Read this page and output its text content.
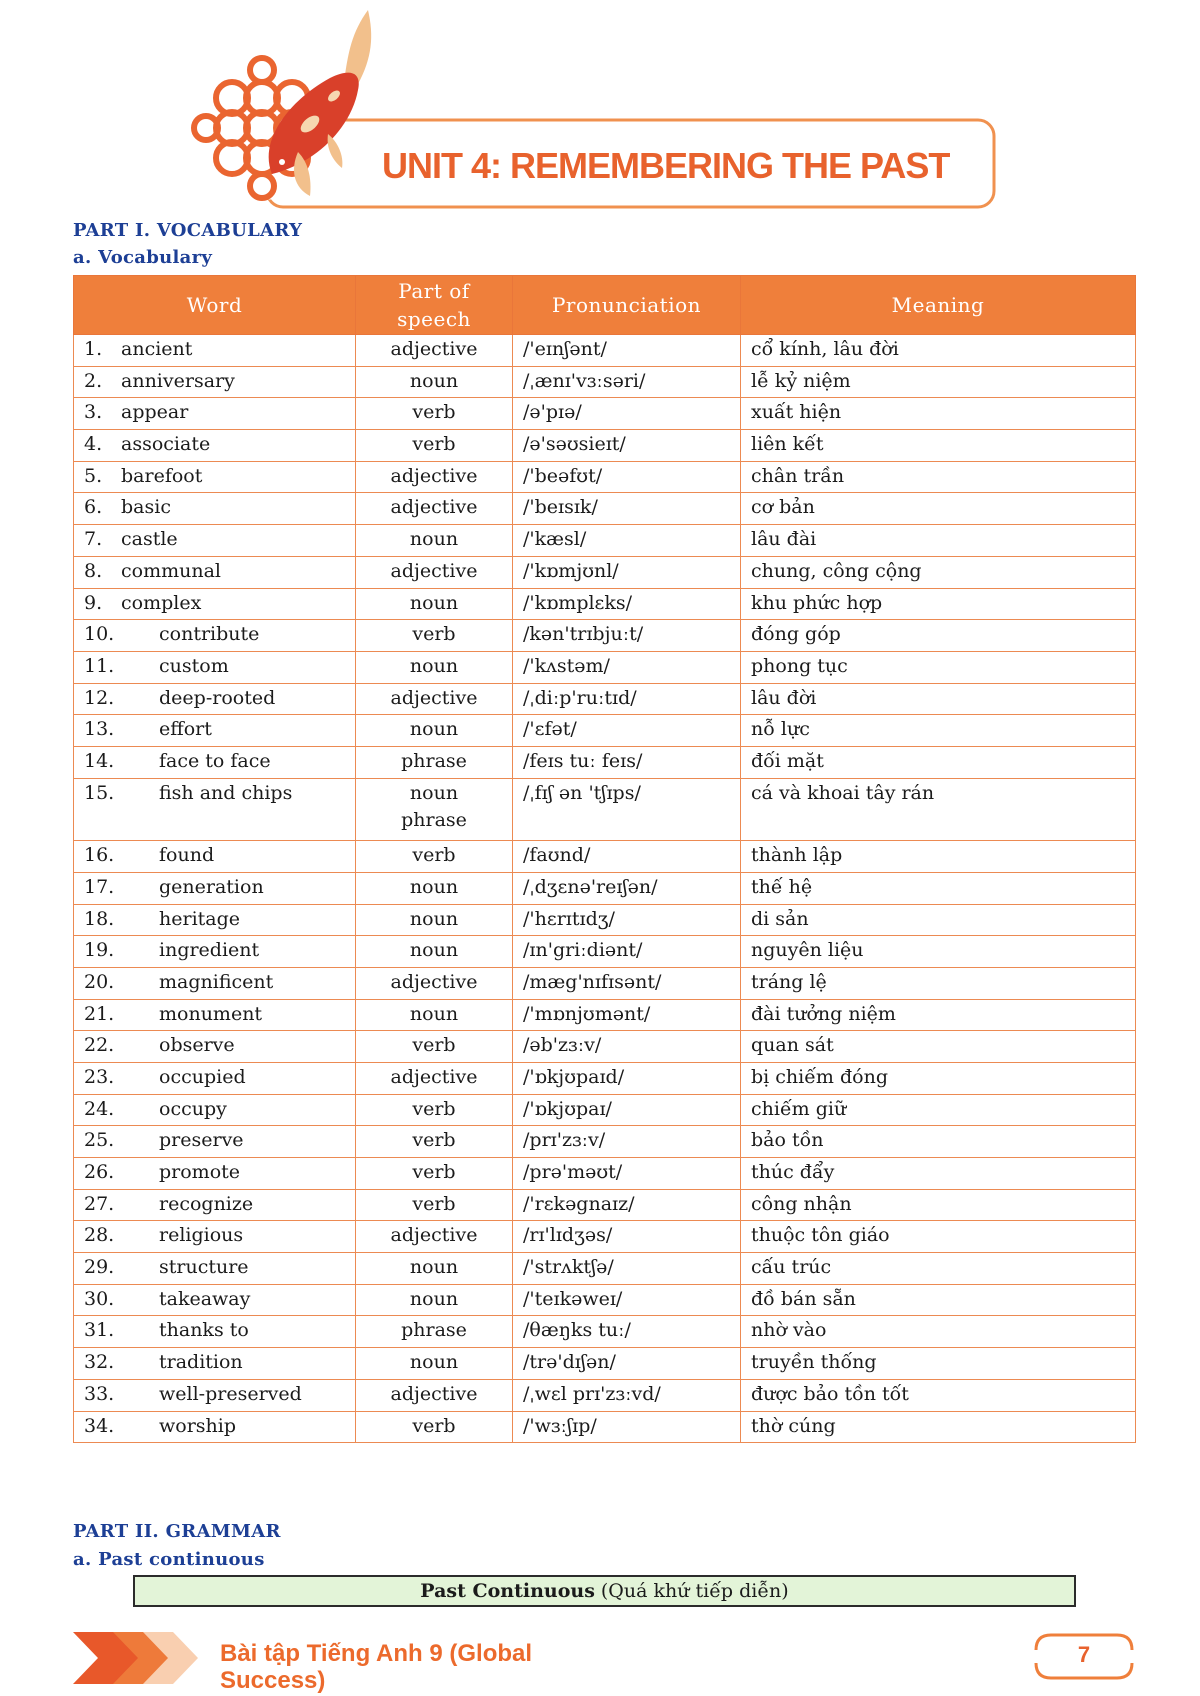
UNIT 4: REMEMBERING THE PAST
PART I. VOCABULARY
a. Vocabulary
Word	Part of speech	Pronunciation	Meaning
1. ancient	adjective	/'eɪnʃənt/	cổ kính, lâu đời
2. anniversary	noun	/ˌænɪ'vɜːsəri/	lễ kỷ niệm
3. appear	verb	/ə'pɪə/	xuất hiện
4. associate	verb	/ə'səʊsieɪt/	liên kết
5. barefoot	adjective	/'beəfʊt/	chân trần
6. basic	adjective	/'beɪsɪk/	cơ bản
7. castle	noun	/'kæsl/	lâu đài
8. communal	adjective	/'kɒmjʊnl/	chung, công cộng
9. complex	noun	/'kɒmplɛks/	khu phức hợp
10. contribute	verb	/kən'trɪbjuːt/	đóng góp
11. custom	noun	/'kʌstəm/	phong tục
12. deep-rooted	adjective	/ˌdiːp'ruːtɪd/	lâu đời
13. effort	noun	/'ɛfət/	nỗ lực
14. face to face	phrase	/feɪs tuː feɪs/	đối mặt
15. fish and chips	noun phrase	/ˌfɪʃ ən 'tʃɪps/	cá và khoai tây rán
16. found	verb	/faʊnd/	thành lập
17. generation	noun	/ˌdʒɛnə'reɪʃən/	thế hệ
18. heritage	noun	/'hɛrɪtɪdʒ/	di sản
19. ingredient	noun	/ɪn'griːdiənt/	nguyên liệu
20. magnificent	adjective	/mæg'nɪfɪsənt/	tráng lệ
21. monument	noun	/'mɒnjʊmənt/	đài tưởng niệm
22. observe	verb	/əb'zɜːv/	quan sát
23. occupied	adjective	/'ɒkjʊpaɪd/	bị chiếm đóng
24. occupy	verb	/'ɒkjʊpaɪ/	chiếm giữ
25. preserve	verb	/prɪ'zɜːv/	bảo tồn
26. promote	verb	/prə'məʊt/	thúc đẩy
27. recognize	verb	/'rɛkəgnaɪz/	công nhận
28. religious	adjective	/rɪ'lɪdʒəs/	thuộc tôn giáo
29. structure	noun	/'strʌktʃə/	cấu trúc
30. takeaway	noun	/'teɪkəweɪ/	đồ bán sẵn
31. thanks to	phrase	/θæŋks tuː/	nhờ vào
32. tradition	noun	/trə'dɪʃən/	truyền thống
33. well-preserved	adjective	/ˌwɛl prɪ'zɜːvd/	được bảo tồn tốt
34. worship	verb	/'wɜːʃɪp/	thờ cúng
PART II. GRAMMAR
a. Past continuous
Past Continuous (Quá khứ tiếp diễn)
Bài tập Tiếng Anh 9 (Global Success)
7
